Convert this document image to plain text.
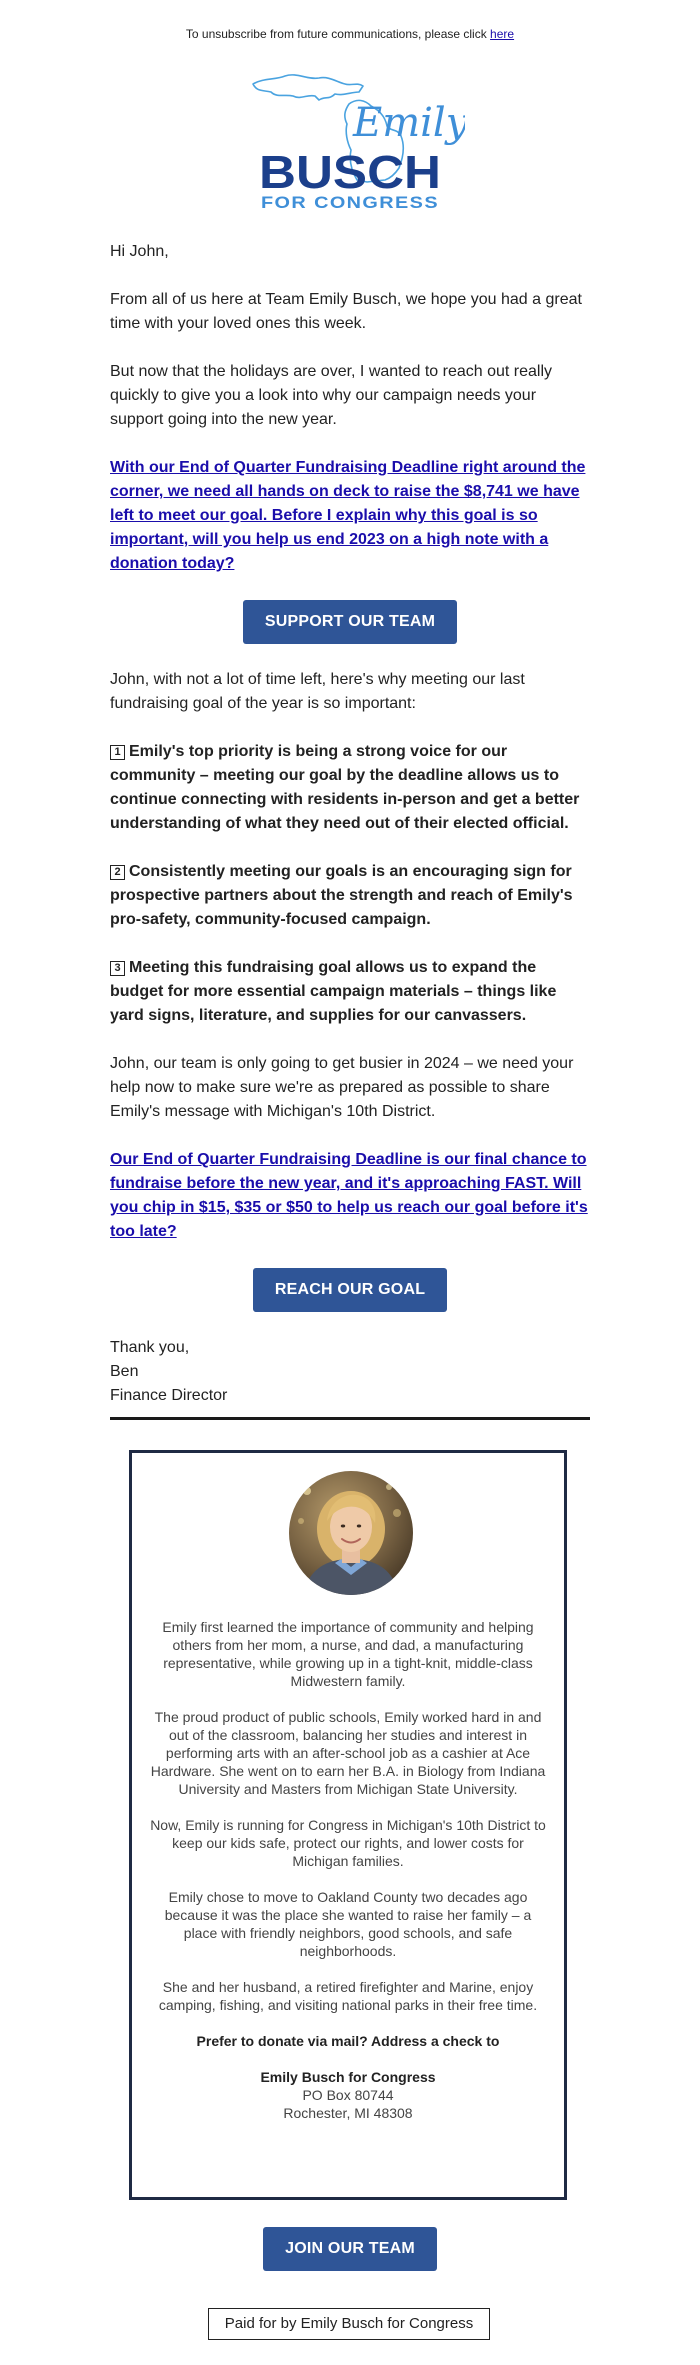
To unsubscribe from future communications, please click here
Emily
BUSCH
FOR CONGRESS

Hi John,

From all of us here at Team Emily Busch, we hope you had a great time with your loved ones this week.

But now that the holidays are over, I wanted to reach out really quickly to give you a look into why our campaign needs your support going into the new year.

With our End of Quarter Fundraising Deadline right around the corner, we need all hands on deck to raise the $8,741 we have left to meet our goal. Before I explain why this goal is so important, will you help us end 2023 on a high note with a donation today?

SUPPORT OUR TEAM

John, with not a lot of time left, here's why meeting our last fundraising goal of the year is so important:

1 Emily's top priority is being a strong voice for our community – meeting our goal by the deadline allows us to continue connecting with residents in-person and get a better understanding of what they need out of their elected official.

2 Consistently meeting our goals is an encouraging sign for prospective partners about the strength and reach of Emily's pro-safety, community-focused campaign.

3 Meeting this fundraising goal allows us to expand the budget for more essential campaign materials – things like yard signs, literature, and supplies for our canvassers.

John, our team is only going to get busier in 2024 – we need your help now to make sure we're as prepared as possible to share Emily's message with Michigan's 10th District.

Our End of Quarter Fundraising Deadline is our final chance to fundraise before the new year, and it's approaching FAST. Will you chip in $15, $35 or $50 to help us reach our goal before it's too late?

REACH OUR GOAL

Thank you,

Ben

Finance Director

Emily first learned the importance of community and helping others from her mom, a nurse, and dad, a manufacturing representative, while growing up in a tight-knit, middle-class Midwestern family.

The proud product of public schools, Emily worked hard in and out of the classroom, balancing her studies and interest in performing arts with an after-school job as a cashier at Ace Hardware. She went on to earn her B.A. in Biology from Indiana University and Masters from Michigan State University.

Now, Emily is running for Congress in Michigan's 10th District to keep our kids safe, protect our rights, and lower costs for Michigan families.

Emily chose to move to Oakland County two decades ago because it was the place she wanted to raise her family – a place with friendly neighbors, good schools, and safe neighborhoods.

She and her husband, a retired firefighter and Marine, enjoy camping, fishing, and visiting national parks in their free time.

Prefer to donate via mail? Address a check to

Emily Busch for Congress

PO Box 80744

Rochester, MI 48308

JOIN OUR TEAM
Paid for by Emily Busch for Congress
